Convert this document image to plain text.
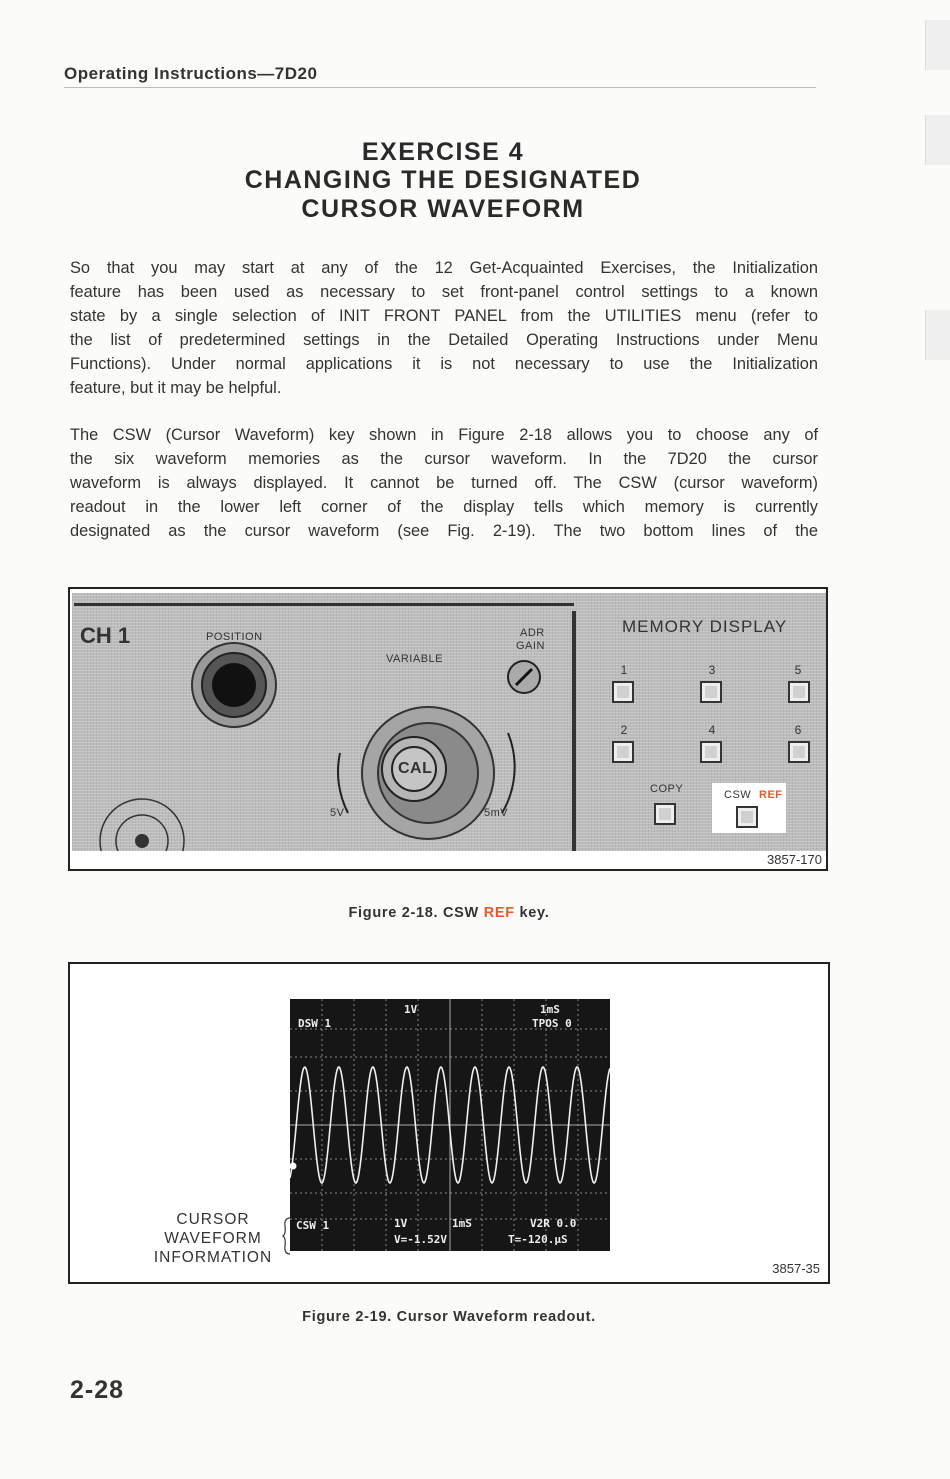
Operating Instructions—7D20
EXERCISE 4
CHANGING THE DESIGNATED
CURSOR WAVEFORM
So that you may start at any of the 12 Get-Acquainted Exercises, the Initialization
feature has been used as necessary to set front-panel control settings to a known
state by a single selection of INIT FRONT PANEL from the UTILITIES menu (refer to
the list of predetermined settings in the Detailed Operating Instructions under Menu
Functions). Under normal applications it is not necessary to use the Initialization
feature, but it may be helpful.
The CSW (Cursor Waveform) key shown in Figure 2-18 allows you to choose any of
the six waveform memories as the cursor waveform. In the 7D20 the cursor
waveform is always displayed. It cannot be turned off. The CSW (cursor waveform)
readout in the lower left corner of the display tells which memory is currently
designated as the cursor waveform (see Fig. 2-19). The two bottom lines of the
CH 1	POSITION	ADR
GAIN
VARIABLE
5V	5mV
CAL
MEMORY DISPLAY
1	3	5
2	4	6
COPY	CSW REF
3857-170
Figure 2-18. CSW REF key.
DSW 1
1V	1mS
TPOS 0
CSW 1	1V	1mS	V2R 0.0
V=-1.52V	T=-120.µS
CURSOR
WAVEFORM
INFORMATION
3857-35
Figure 2-19. Cursor Waveform readout.
2-28
